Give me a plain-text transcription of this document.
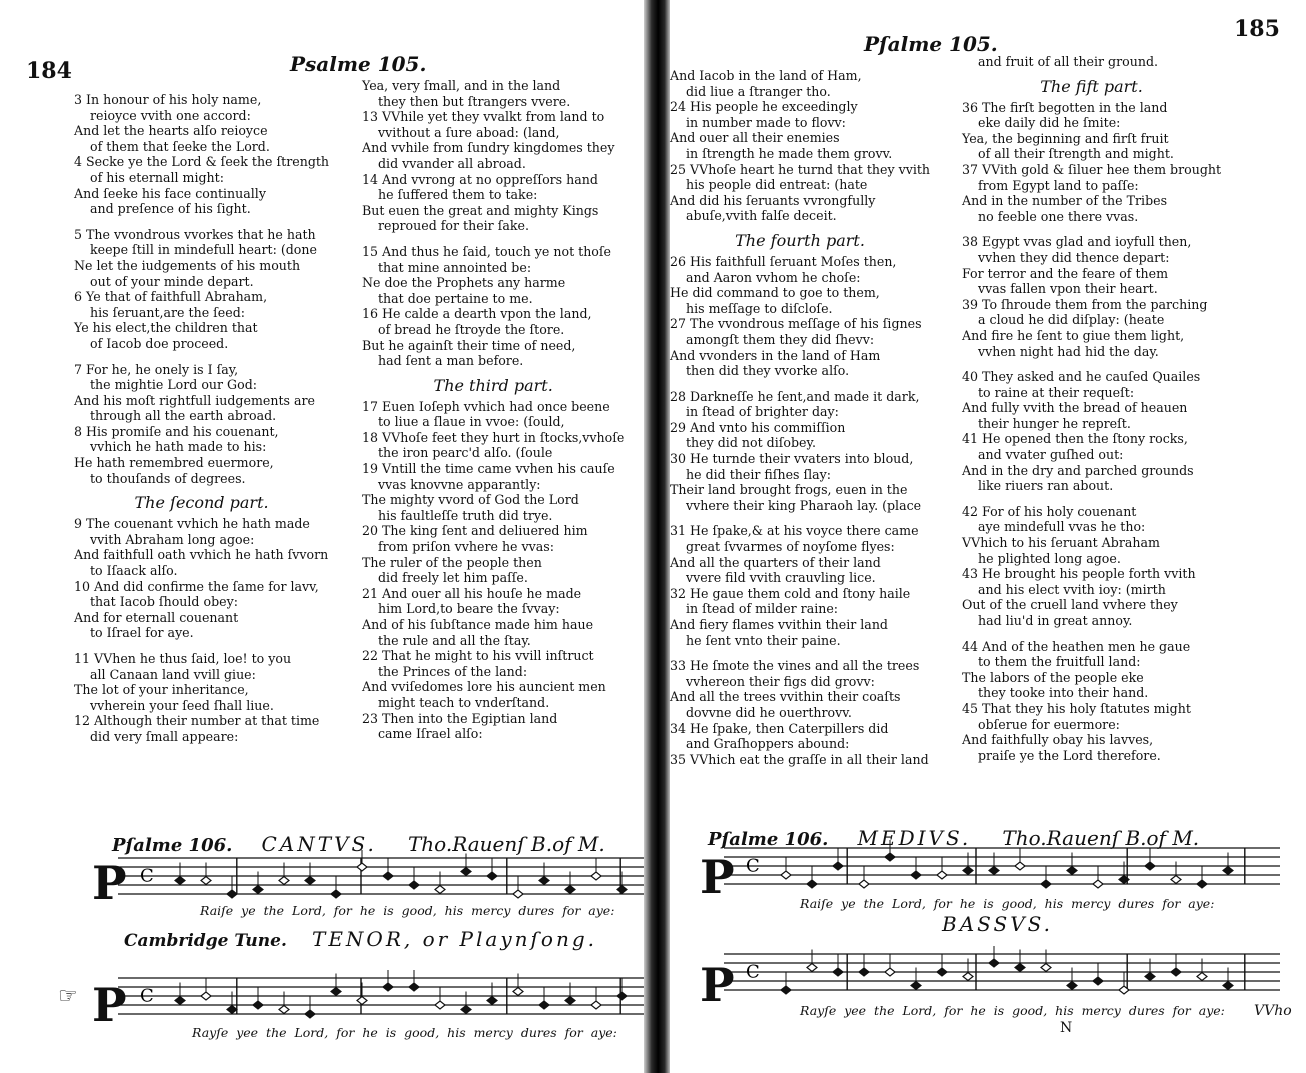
184	Psalme 105.
3 In honour of his holy name,
reioyce vvith one accord:
And let the hearts alſo reioyce
of them that ſeeke the Lord.
4 Secke ye the Lord & ſeek the ſtrength
of his eternall might:
And ſeeke his face continually
and preſence of his ſight.
5 The vvondrous vvorkes that he hath
keepe ſtill in mindefull heart: (done
Ne let the iudgements of his mouth
out of your minde depart.
6 Ye that of faithfull Abraham,
his ſeruant,are the ſeed:
Ye his elect,the children that
of Iacob doe proceed.
7 For he, he onely is I ſay,
the mightie Lord our God:
And his moſt rightfull iudgements are
through all the earth abroad.
8 His promiſe and his couenant,
vvhich he hath made to his:
He hath remembred euermore,
to thouſands of degrees.
The ſecond part.
9 The couenant vvhich he hath made
vvith Abraham long agoe:
And faithfull oath vvhich he hath ſvvorn
to Iſaack alſo.
10 And did confirme the ſame for lavv,
that Iacob ſhould obey:
And for eternall couenant
to Iſrael for aye.
11 VVhen he thus ſaid, loe! to you
all Canaan land vvill giue:
The lot of your inheritance,
vvherein your ſeed ſhall liue.
12 Although their number at that time
did very ſmall appeare:
Yea, very ſmall, and in the land
they then but ſtrangers vvere.
13 VVhile yet they vvalkt from land to
vvithout a ſure aboad: (land,
And vvhile from ſundry kingdomes they
did vvander all abroad.
14 And vvrong at no oppreſſors hand
he ſuffered them to take:
But euen the great and mighty Kings
reproued for their ſake.
15 And thus he ſaid, touch ye not thoſe
that mine annointed be:
Ne doe the Prophets any harme
that doe pertaine to me.
16 He calde a dearth vpon the land,
of bread he ſtroyde the ſtore.
But he againſt their time of need,
had ſent a man before.
The third part.
17 Euen Ioſeph vvhich had once beene
to liue a ſlaue in vvoe: (ſould,
18 VVhoſe feet they hurt in ſtocks,vvhoſe
the iron pearc'd alſo. (ſoule
19 Vntill the time came vvhen his cauſe
vvas knovvne apparantly:
The mighty vvord of God the Lord
his faultleſſe truth did trye.
20 The king ſent and deliuered him
from priſon vvhere he vvas:
The ruler of the people then
did freely let him paſſe.
21 And ouer all his houſe he made
him Lord,to beare the ſvvay:
And of his ſubſtance made him haue
the rule and all the ſtay.
22 That he might to his vvill inſtruct
the Princes of the land:
And vviſedomes lore his auncient men
might teach to vnderſtand.
23 Then into the Egiptian land
came Iſrael alſo:
Pſalme 106. CANTVS. Tho.Rauenſ B.of M.
P C
Raiſe ye the Lord, for he is good, his mercy dures for aye:
Cambridge Tune. TENOR, or Playnſong.
☞ P C
Rayſe yee the Lord, for he is good, his mercy dures for aye:
185
Pſalme 105.
And Iacob in the land of Ham,
did liue a ſtranger tho.
24 His people he exceedingly
in number made to flovv:
And ouer all their enemies
in ſtrength he made them grovv.
25 VVhoſe heart he turnd that they vvith
his people did entreat: (hate
And did his ſeruants vvrongfully
abuſe,vvith falſe deceit.
The fourth part.
26 His faithfull ſeruant Moſes then,
and Aaron vvhom he choſe:
He did command to goe to them,
his meſſage to diſcloſe.
27 The vvondrous meſſage of his ſignes
amongſt them they did ſhevv:
And vvonders in the land of Ham
then did they vvorke alſo.
28 Darkneſſe he ſent,and made it dark,
in ſtead of brighter day:
29 And vnto his commiſſion
they did not diſobey.
30 He turnde their vvaters into bloud,
he did their fiſhes ſlay:
Their land brought frogs, euen in the
vvhere their king Pharaoh lay. (place
31 He ſpake,& at his voyce there came
great ſvvarmes of noyſome flyes:
And all the quarters of their land
vvere fild vvith crauvling lice.
32 He gaue them cold and ſtony haile
in ſtead of milder raine:
And fiery flames vvithin their land
he ſent vnto their paine.
33 He ſmote the vines and all the trees
vvhereon their figs did grovv:
And all the trees vvithin their coaſts
dovvne did he ouerthrovv.
34 He ſpake, then Caterpillers did
and Graſhoppers abound:
35 VVhich eat the graſſe in all their land
and fruit of all their ground.
The fift part.
36 The firſt begotten in the land
eke daily did he ſmite:
Yea, the beginning and firſt fruit
of all their ſtrength and might.
37 VVith gold & ſiluer hee them brought
from Egypt land to paſſe:
And in the number of the Tribes
no feeble one there vvas.
38 Egypt vvas glad and ioyfull then,
vvhen they did thence depart:
For terror and the feare of them
vvas fallen vpon their heart.
39 To ſhroude them from the parching
a cloud he did diſplay: (heate
And fire he ſent to giue them light,
vvhen night had hid the day.
40 They asked and he cauſed Quailes
to raine at their requeſt:
And fully vvith the bread of heauen
their hunger he repreſt.
41 He opened then the ſtony rocks,
and vvater guſhed out:
And in the dry and parched grounds
like riuers ran about.
42 For of his holy couenant
aye mindefull vvas he tho:
VVhich to his ſeruant Abraham
he plighted long agoe.
43 He brought his people forth vvith
and his elect vvith ioy: (mirth
Out of the cruell land vvhere they
had liu'd in great annoy.
44 And of the heathen men he gaue
to them the fruitfull land:
The labors of the people eke
they tooke into their hand.
45 That they his holy ſtatutes might
obſerue for euermore:
And faithfully obay his lavves,
praiſe ye the Lord therefore.
Pſalme 106. MEDIVS. Tho.Rauenſ B.of M.
P C
Raiſe ye the Lord, for he is good, his mercy dures for aye:
BASSVS.
P C
Rayſe yee the Lord, for he is good, his mercy dures for aye: VVho
N
